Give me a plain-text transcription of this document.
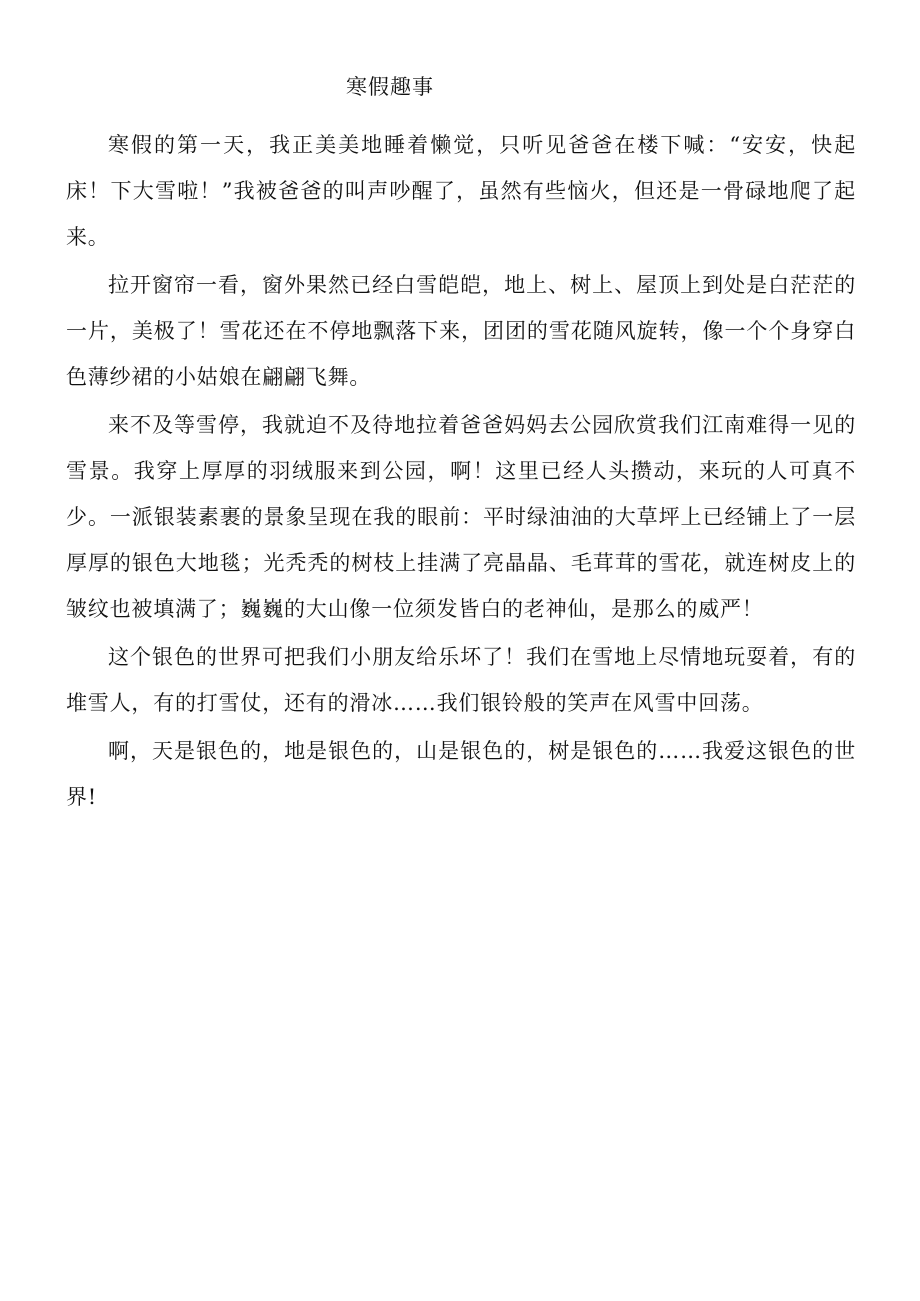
寒假趣事

寒假的第一天，我正美美地睡着懒觉，只听见爸爸在楼下喊：“安安，快起床！下大雪啦！”我被爸爸的叫声吵醒了，虽然有些恼火，但还是一骨碌地爬了起来。

拉开窗帘一看，窗外果然已经白雪皑皑，地上、树上、屋顶上到处是白茫茫的一片，美极了！雪花还在不停地飘落下来，团团的雪花随风旋转，像一个个身穿白色薄纱裙的小姑娘在翩翩飞舞。

来不及等雪停，我就迫不及待地拉着爸爸妈妈去公园欣赏我们江南难得一见的雪景。我穿上厚厚的羽绒服来到公园，啊！这里已经人头攒动，来玩的人可真不少。一派银装素裹的景象呈现在我的眼前：平时绿油油的大草坪上已经铺上了一层厚厚的银色大地毯；光秃秃的树枝上挂满了亮晶晶、毛茸茸的雪花，就连树皮上的皱纹也被填满了；巍巍的大山像一位须发皆白的老神仙，是那么的威严！

这个银色的世界可把我们小朋友给乐坏了！我们在雪地上尽情地玩耍着，有的堆雪人，有的打雪仗，还有的滑冰……我们银铃般的笑声在风雪中回荡。

啊，天是银色的，地是银色的，山是银色的，树是银色的……我爱这银色的世界!
